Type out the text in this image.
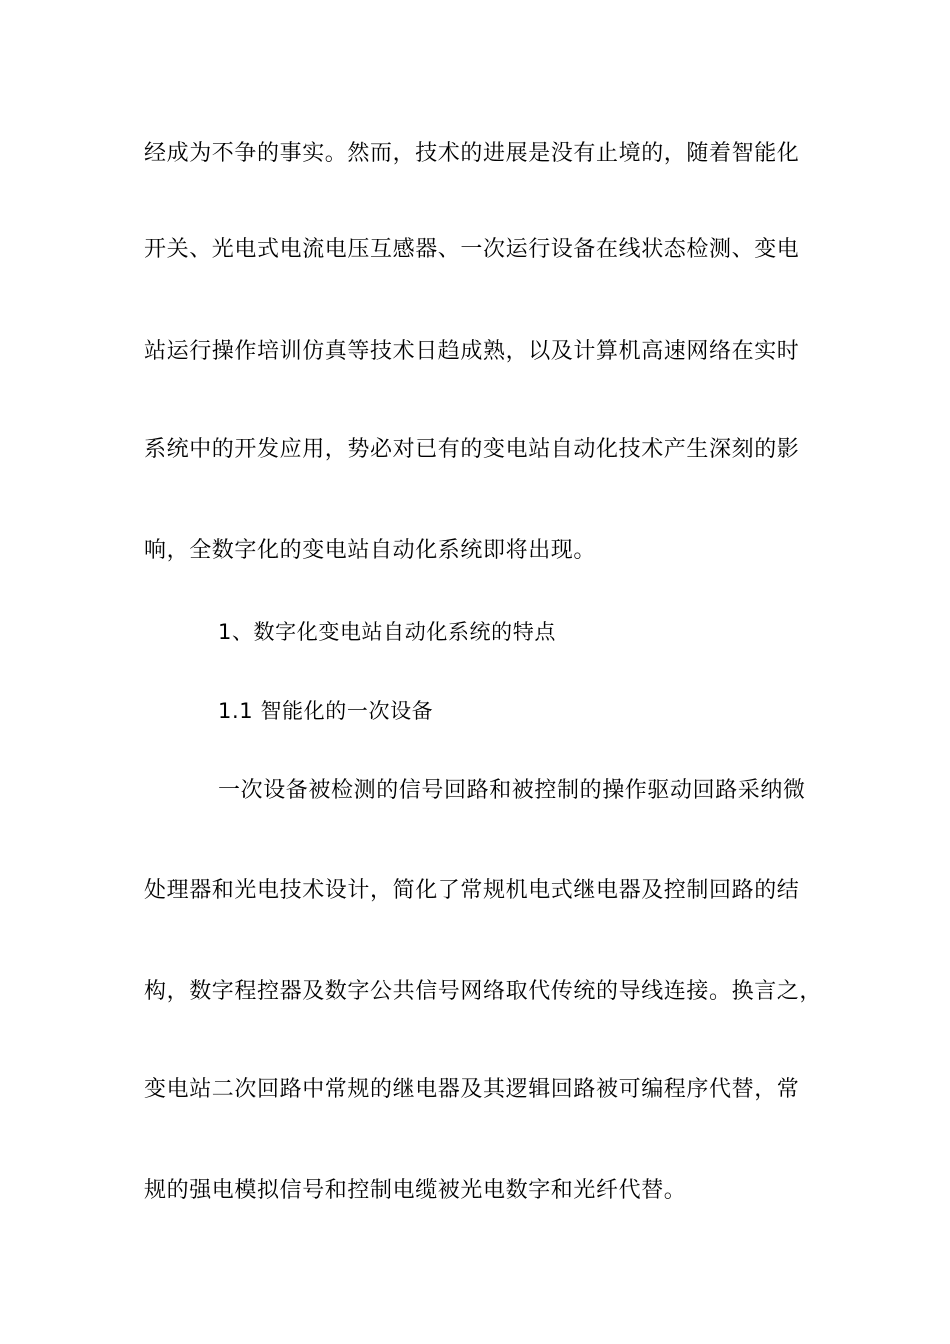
经成为不争的事实。然而，技术的进展是没有止境的，随着智能化
开关、光电式电流电压互感器、一次运行设备在线状态检测、变电
站运行操作培训仿真等技术日趋成熟，以及计算机高速网络在实时
系统中的开发应用，势必对已有的变电站自动化技术产生深刻的影
响，全数字化的变电站自动化系统即将出现。
1、数字化变电站自动化系统的特点
1.1 智能化的一次设备
一次设备被检测的信号回路和被控制的操作驱动回路采纳微
处理器和光电技术设计，简化了常规机电式继电器及控制回路的结
构，数字程控器及数字公共信号网络取代传统的导线连接。换言之，
变电站二次回路中常规的继电器及其逻辑回路被可编程序代替，常
规的强电模拟信号和控制电缆被光电数字和光纤代替。
